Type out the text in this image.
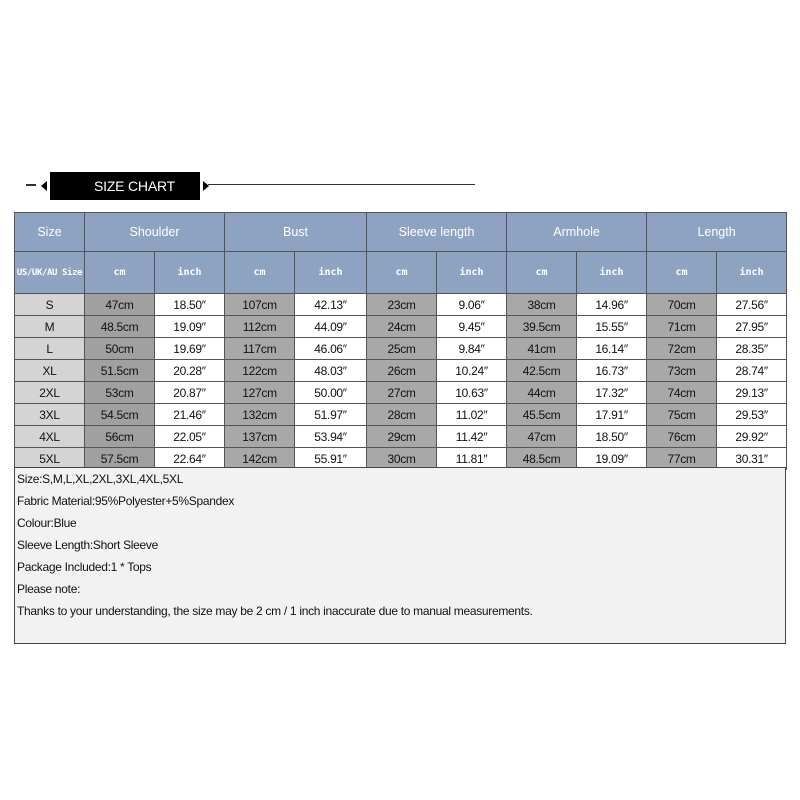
SIZE CHART
Size	Shoulder		Bust		Sleeve length		Armhole		Length	
US/UK/AU Size	cm	inch	cm	inch	cm	inch	cm	inch	cm	inch
S	47cm	18.50″	107cm	42.13″	23cm	9.06″	38cm	14.96″	70cm	27.56″
M	48.5cm	19.09″	112cm	44.09″	24cm	9.45″	39.5cm	15.55″	71cm	27.95″
L	50cm	19.69″	117cm	46.06″	25cm	9.84″	41cm	16.14″	72cm	28.35″
XL	51.5cm	20.28″	122cm	48.03″	26cm	10.24″	42.5cm	16.73″	73cm	28.74″
2XL	53cm	20.87″	127cm	50.00″	27cm	10.63″	44cm	17.32″	74cm	29.13″
3XL	54.5cm	21.46″	132cm	51.97″	28cm	11.02″	45.5cm	17.91″	75cm	29.53″
4XL	56cm	22.05″	137cm	53.94″	29cm	11.42″	47cm	18.50″	76cm	29.92″
5XL	57.5cm	22.64″	142cm	55.91″	30cm	11.81″	48.5cm	19.09″	77cm	30.31″
Size:S,M,L,XL,2XL,3XL,4XL,5XL
Fabric Material:95%Polyester+5%Spandex
Colour:Blue
Sleeve Length:Short Sleeve
Package Included:1 * Tops
Please note:
Thanks to your understanding, the size may be 2 cm / 1 inch inaccurate due to manual measurements.
